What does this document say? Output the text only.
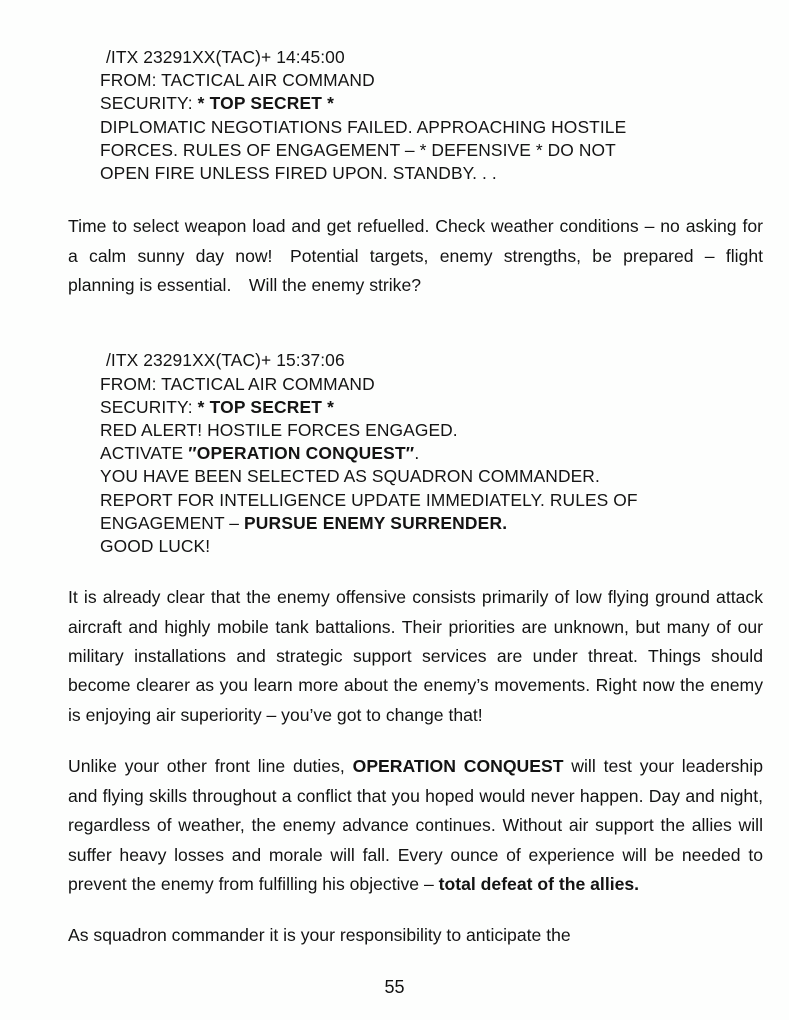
/ITX 23291XX(TAC)+ 14:45:00
FROM: TACTICAL AIR COMMAND
SECURITY: * TOP SECRET *
DIPLOMATIC NEGOTIATIONS FAILED. APPROACHING HOSTILE
FORCES. RULES OF ENGAGEMENT – * DEFENSIVE * DO NOT
OPEN FIRE UNLESS FIRED UPON. STANDBY. . .

Time to select weapon load and get refuelled. Check weather conditions – no asking for a calm sunny day now! Potential targets, enemy strengths, be prepared – flight planning is essential. Will the enemy strike?

/ITX 23291XX(TAC)+ 15:37:06
FROM: TACTICAL AIR COMMAND
SECURITY: * TOP SECRET *
RED ALERT! HOSTILE FORCES ENGAGED.
ACTIVATE ″OPERATION CONQUEST″.
YOU HAVE BEEN SELECTED AS SQUADRON COMMANDER.
REPORT FOR INTELLIGENCE UPDATE IMMEDIATELY. RULES OF
ENGAGEMENT – PURSUE ENEMY SURRENDER.
GOOD LUCK!

It is already clear that the enemy offensive consists primarily of low flying ground attack aircraft and highly mobile tank battalions. Their priorities are unknown, but many of our military installations and strategic support services are under threat. Things should become clearer as you learn more about the enemy’s movements. Right now the enemy is enjoying air superiority – you’ve got to change that!

Unlike your other front line duties, OPERATION CONQUEST will test your leadership and flying skills throughout a conflict that you hoped would never happen. Day and night, regardless of weather, the enemy advance continues. Without air support the allies will suffer heavy losses and morale will fall. Every ounce of experience will be needed to prevent the enemy from fulfilling his objective – total defeat of the allies.

As squadron commander it is your responsibility to anticipate the

55
